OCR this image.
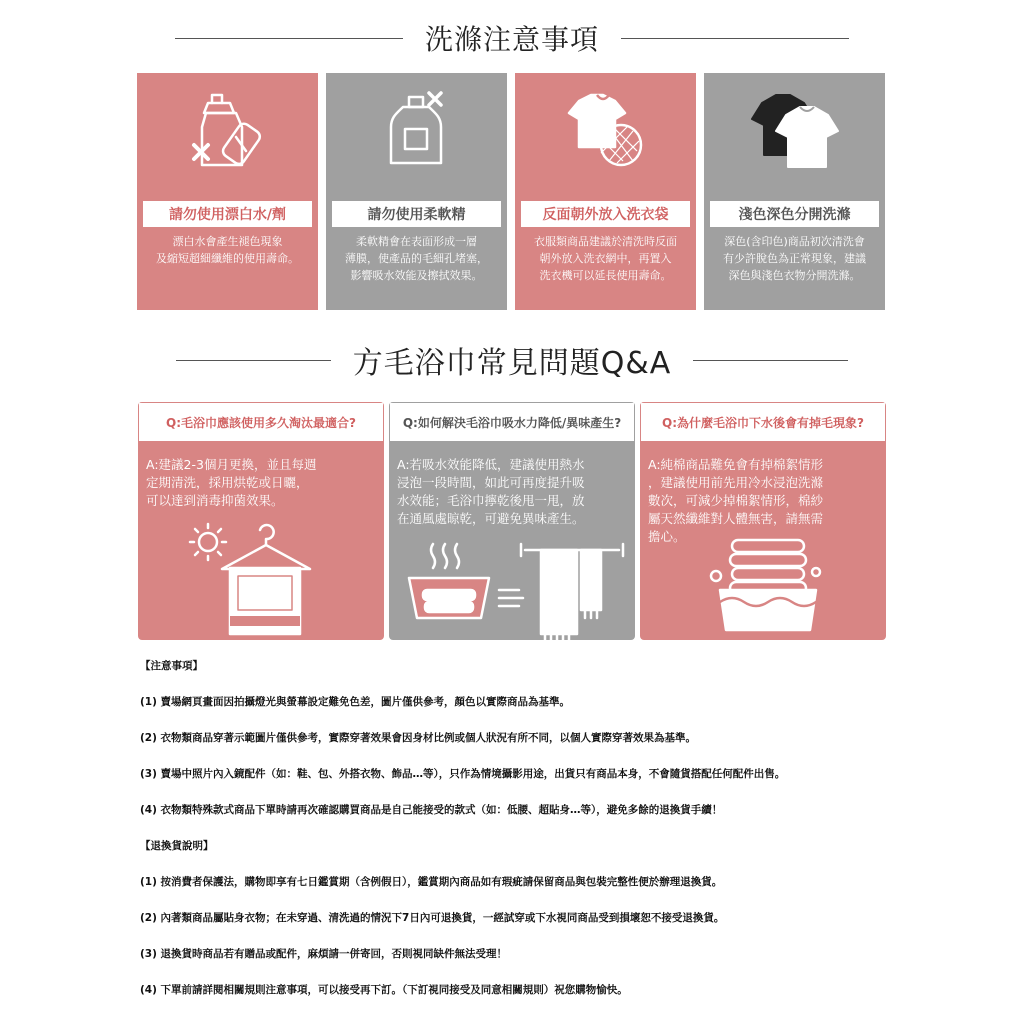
洗滌注意事項
請勿使用漂白水/劑
漂白水會產生褪色現象
及縮短超細纖維的使用壽命。
請勿使用柔軟精
柔軟精會在表面形成一層
薄膜，使產品的毛細孔堵塞，
影響吸水效能及擦拭效果。
反面朝外放入洗衣袋
衣服類商品建議於清洗時反面
朝外放入洗衣網中，再置入
洗衣機可以延長使用壽命。
淺色深色分開洗滌
深色(含印色)商品初次清洗會
有少許脫色為正常現象，建議
深色與淺色衣物分開洗滌。
方毛浴巾常見問題Q&A
Q:毛浴巾應該使用多久淘汰最適合?
A:建議2-3個月更換，並且每週
定期清洗，採用烘乾或日曬，
可以達到消毒抑菌效果。
Q:如何解決毛浴巾吸水力降低/異味產生?
A:若吸水效能降低，建議使用熱水
浸泡一段時間，如此可再度提升吸
水效能；毛浴巾擰乾後甩一甩，放
在通風處晾乾，可避免異味產生。
Q:為什麼毛浴巾下水後會有掉毛現象?
A:純棉商品難免會有掉棉絮情形
，建議使用前先用冷水浸泡洗滌
數次，可減少掉棉絮情形，棉紗
屬天然纖維對人體無害，請無需
擔心。
【注意事項】
(1) 賣場網頁畫面因拍攝燈光與螢幕設定難免色差，圖片僅供參考，顏色以實際商品為基準。
(2) 衣物類商品穿著示範圖片僅供參考，實際穿著效果會因身材比例或個人狀況有所不同，以個人實際穿著效果為基準。
(3) 賣場中照片內入鏡配件（如：鞋、包、外搭衣物、飾品…等），只作為情境攝影用途，出貨只有商品本身，不會隨貨搭配任何配件出售。
(4) 衣物類特殊款式商品下單時請再次確認購買商品是自己能接受的款式（如：低腰、超貼身…等），避免多餘的退換貨手續！
【退換貨說明】
(1) 按消費者保護法，購物即享有七日鑑賞期（含例假日），鑑賞期內商品如有瑕疵請保留商品與包裝完整性便於辦理退換貨。
(2) 內著類商品屬貼身衣物；在未穿過、清洗過的情況下7日內可退換貨，一經試穿或下水視同商品受到損壞恕不接受退換貨。
(3) 退換貨時商品若有贈品或配件，麻煩請一併寄回，否則視同缺件無法受理！
(4) 下單前請詳閱相關規則注意事項，可以接受再下訂。（下訂視同接受及同意相關規則）祝您購物愉快。
